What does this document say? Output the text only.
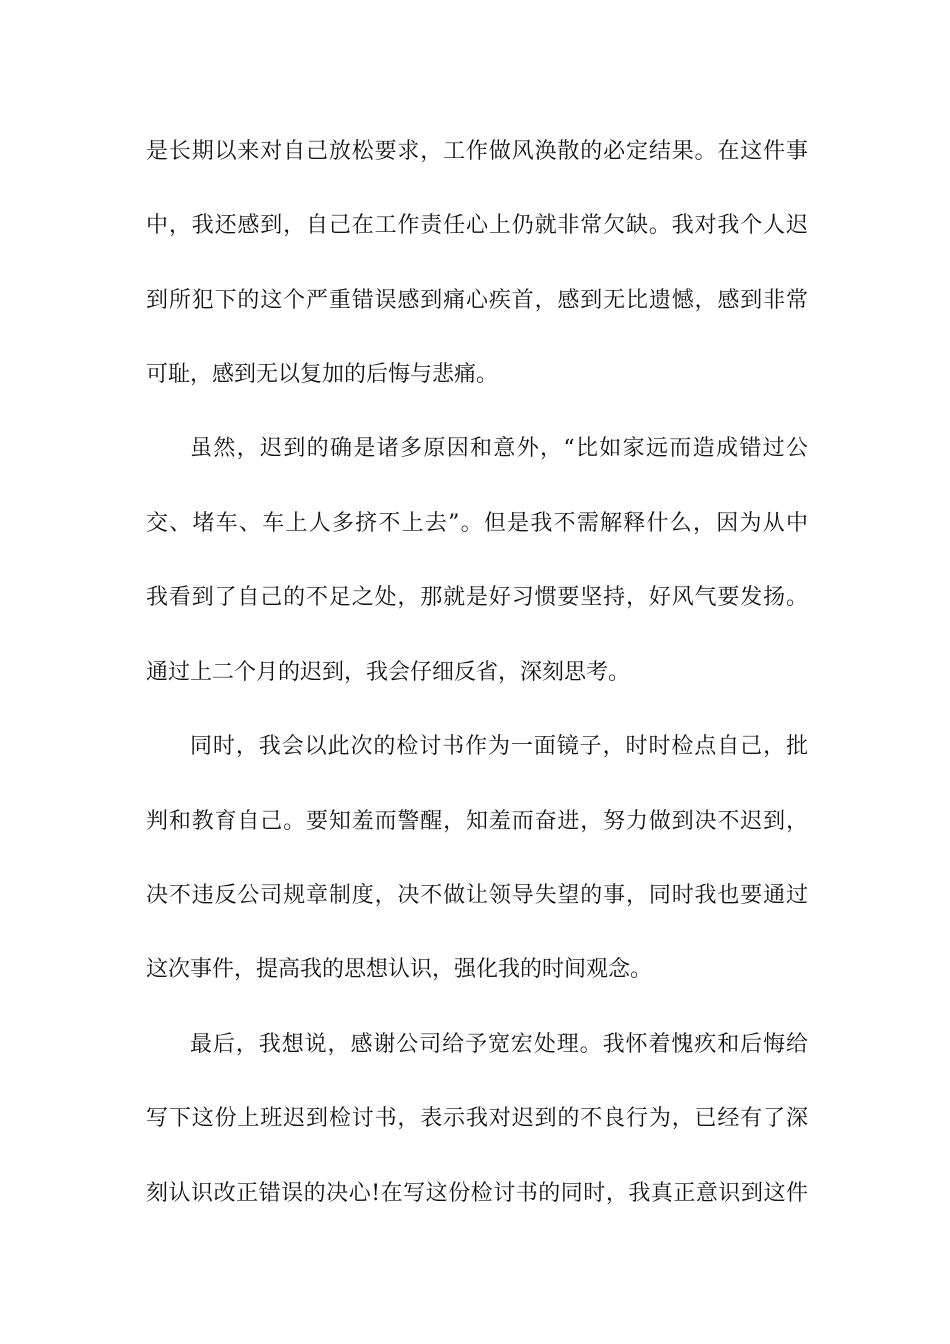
是长期以来对自己放松要求，工作做风涣散的必定结果。在这件事
中，我还感到，自己在工作责任心上仍就非常欠缺。我对我个人迟
到所犯下的这个严重错误感到痛心疾首，感到无比遗憾，感到非常
可耻，感到无以复加的后悔与悲痛。
虽然，迟到的确是诸多原因和意外，“比如家远而造成错过公
交、堵车、车上人多挤不上去”。但是我不需解释什么，因为从中
我看到了自己的不足之处，那就是好习惯要坚持，好风气要发扬。
通过上二个月的迟到，我会仔细反省，深刻思考。
同时，我会以此次的检讨书作为一面镜子，时时检点自己，批
判和教育自己。要知羞而警醒，知羞而奋进，努力做到决不迟到，
决不违反公司规章制度，决不做让领导失望的事，同时我也要通过
这次事件，提高我的思想认识，强化我的时间观念。
最后，我想说，感谢公司给予宽宏处理。我怀着愧疚和后悔给
写下这份上班迟到检讨书，表示我对迟到的不良行为，已经有了深
刻认识改正错误的决心!在写这份检讨书的同时，我真正意识到这件
